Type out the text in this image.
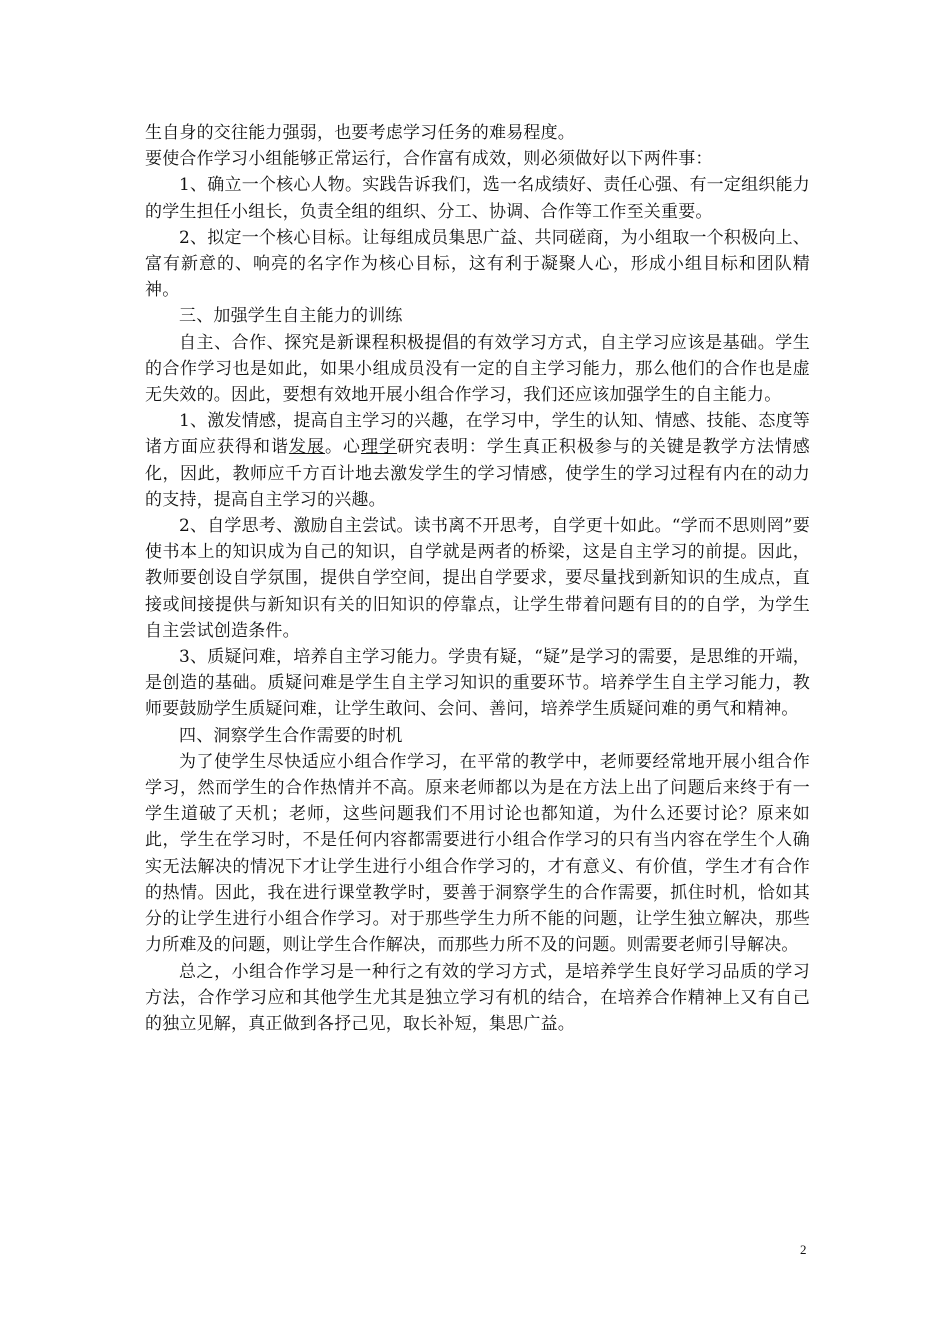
生自身的交往能力强弱，也要考虑学习任务的难易程度。

要使合作学习小组能够正常运行，合作富有成效，则必须做好以下两件事：

1、确立一个核心人物。实践告诉我们，选一名成绩好、责任心强、有一定组织能力的学生担任小组长，负责全组的组织、分工、协调、合作等工作至关重要。

2、拟定一个核心目标。让每组成员集思广益、共同磋商，为小组取一个积极向上、富有新意的、响亮的名字作为核心目标，这有利于凝聚人心，形成小组目标和团队精神。

三、加强学生自主能力的训练

自主、合作、探究是新课程积极提倡的有效学习方式，自主学习应该是基础。学生的合作学习也是如此，如果小组成员没有一定的自主学习能力，那么他们的合作也是虚无失效的。因此，要想有效地开展小组合作学习，我们还应该加强学生的自主能力。

1、激发情感，提高自主学习的兴趣，在学习中，学生的认知、情感、技能、态度等诸方面应获得和谐发展。心理学研究表明：学生真正积极参与的关键是教学方法情感化，因此，教师应千方百计地去激发学生的学习情感，使学生的学习过程有内在的动力的支持，提高自主学习的兴趣。

2、自学思考、激励自主尝试。读书离不开思考，自学更十如此。“学而不思则罔”要使书本上的知识成为自己的知识，自学就是两者的桥梁，这是自主学习的前提。因此，教师要创设自学氛围，提供自学空间，提出自学要求，要尽量找到新知识的生成点，直接或间接提供与新知识有关的旧知识的停靠点，让学生带着问题有目的的自学，为学生自主尝试创造条件。

3、质疑问难，培养自主学习能力。学贵有疑，“疑”是学习的需要，是思维的开端，是创造的基础。质疑问难是学生自主学习知识的重要环节。培养学生自主学习能力，教师要鼓励学生质疑问难，让学生敢问、会问、善问，培养学生质疑问难的勇气和精神。

四、洞察学生合作需要的时机

为了使学生尽快适应小组合作学习，在平常的教学中，老师要经常地开展小组合作学习，然而学生的合作热情并不高。原来老师都以为是在方法上出了问题后来终于有一学生道破了天机；老师，这些问题我们不用讨论也都知道，为什么还要讨论？原来如此，学生在学习时，不是任何内容都需要进行小组合作学习的只有当内容在学生个人确实无法解决的情况下才让学生进行小组合作学习的，才有意义、有价值，学生才有合作的热情。因此，我在进行课堂教学时，要善于洞察学生的合作需要，抓住时机，恰如其分的让学生进行小组合作学习。对于那些学生力所不能的问题，让学生独立解决，那些力所难及的问题，则让学生合作解决，而那些力所不及的问题。则需要老师引导解决。

总之，小组合作学习是一种行之有效的学习方式，是培养学生良好学习品质的学习方法，合作学习应和其他学生尤其是独立学习有机的结合，在培养合作精神上又有自己的独立见解，真正做到各抒己见，取长补短，集思广益。

2
